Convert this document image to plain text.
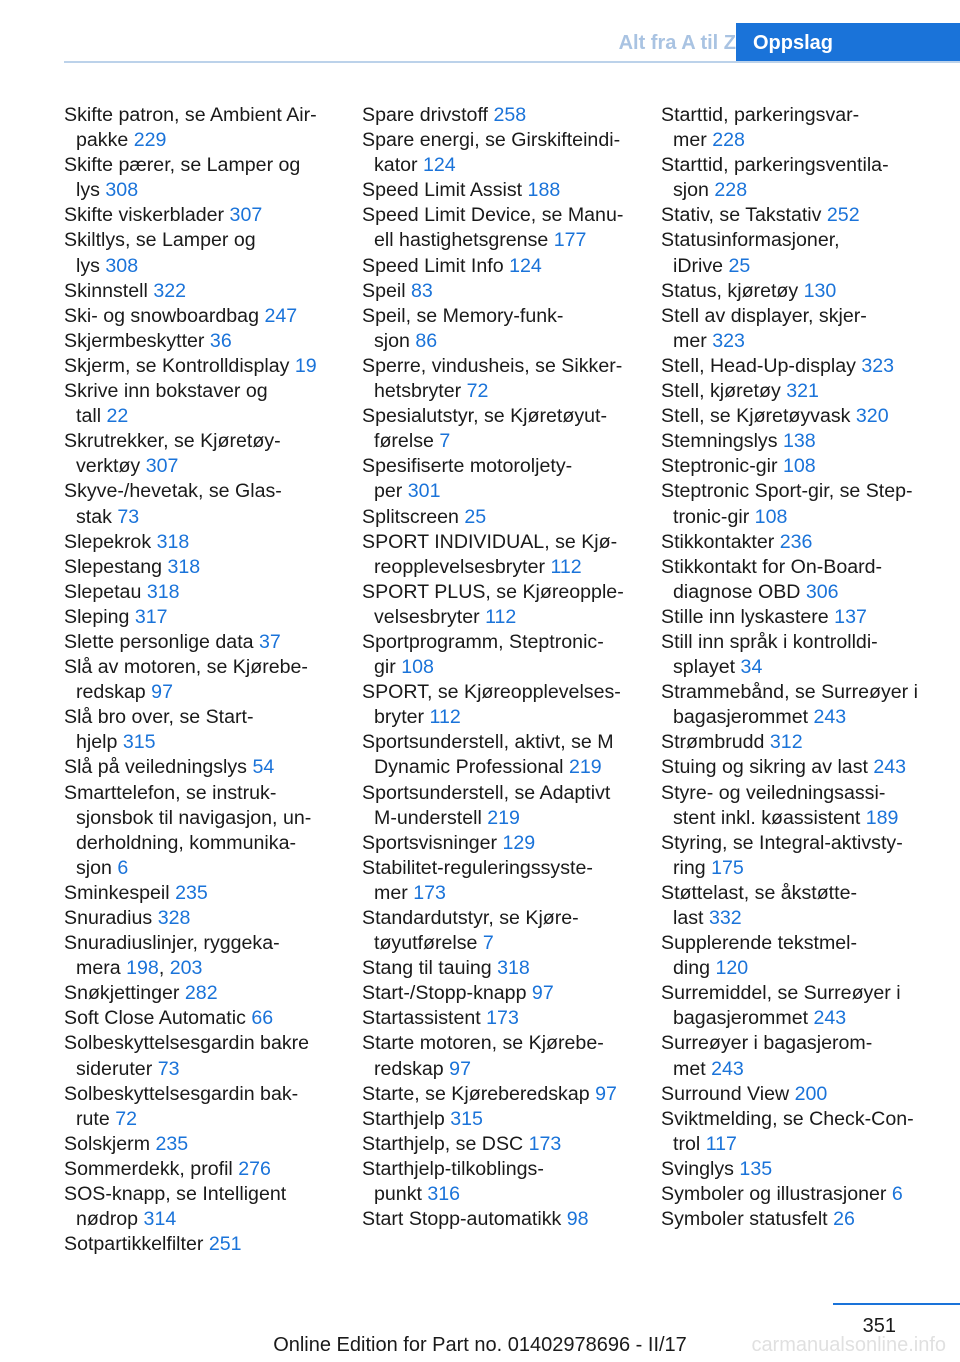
Alt fra A til Z Oppslag
Skifte patron, se Ambient Air-
pakke 229
Skifte pærer, se Lamper og
lys 308
Skifte viskerblader 307
Skiltlys, se Lamper og
lys 308
Skinnstell 322
Ski- og snowboardbag 247
Skjermbeskytter 36
Skjerm, se Kontrolldisplay 19
Skrive inn bokstaver og
tall 22
Skrutrekker, se Kjøretøy-
verktøy 307
Skyve-/hevetak, se Glas-
stak 73
Slepekrok 318
Slepestang 318
Slepetau 318
Sleping 317
Slette personlige data 37
Slå av motoren, se Kjørebe-
redskap 97
Slå bro over, se Start-
hjelp 315
Slå på veiledningslys 54
Smarttelefon, se instruk-
sjonsbok til navigasjon, un-
derholdning, kommunika-
sjon 6
Sminkespeil 235
Snuradius 328
Snuradiuslinjer, ryggeka-
mera 198, 203
Snøkjettinger 282
Soft Close Automatic 66
Solbeskyttelsesgardin bakre
sideruter 73
Solbeskyttelsesgardin bak-
rute 72
Solskjerm 235
Sommerdekk, profil 276
SOS-knapp, se Intelligent
nødrop 314
Sotpartikkelfilter 251
Spare drivstoff 258
Spare energi, se Girskifteindi-
kator 124
Speed Limit Assist 188
Speed Limit Device, se Manu-
ell hastighetsgrense 177
Speed Limit Info 124
Speil 83
Speil, se Memory-funk-
sjon 86
Sperre, vindusheis, se Sikker-
hetsbryter 72
Spesialutstyr, se Kjøretøyut-
førelse 7
Spesifiserte motoroljety-
per 301
Splitscreen 25
SPORT INDIVIDUAL, se Kjø-
reopplevelsesbryter 112
SPORT PLUS, se Kjøreopple-
velsesbryter 112
Sportprogramm, Steptronic-
gir 108
SPORT, se Kjøreopplevelses-
bryter 112
Sportsunderstell, aktivt, se M
Dynamic Professional 219
Sportsunderstell, se Adaptivt
M-understell 219
Sportsvisninger 129
Stabilitet-reguleringssyste-
mer 173
Standardutstyr, se Kjøre-
tøyutførelse 7
Stang til tauing 318
Start-/Stopp-knapp 97
Startassistent 173
Starte motoren, se Kjørebe-
redskap 97
Starte, se Kjøreberedskap 97
Starthjelp 315
Starthjelp, se DSC 173
Starthjelp-tilkoblings-
punkt 316
Start Stopp-automatikk 98
Starttid, parkeringsvar-
mer 228
Starttid, parkeringsventila-
sjon 228
Stativ, se Takstativ 252
Statusinformasjoner,
iDrive 25
Status, kjøretøy 130
Stell av displayer, skjer-
mer 323
Stell, Head-Up-display 323
Stell, kjøretøy 321
Stell, se Kjøretøyvask 320
Stemningslys 138
Steptronic-gir 108
Steptronic Sport-gir, se Step-
tronic-gir 108
Stikkontakter 236
Stikkontakt for On-Board-
diagnose OBD 306
Stille inn lyskastere 137
Still inn språk i kontrolldi-
splayet 34
Strammebånd, se Surreøyer i
bagasjerommet 243
Strømbrudd 312
Stuing og sikring av last 243
Styre- og veiledningsassi-
stent inkl. køassistent 189
Styring, se Integral-aktivsty-
ring 175
Støttelast, se åkstøtte-
last 332
Supplerende tekstmel-
ding 120
Surremiddel, se Surreøyer i
bagasjerommet 243
Surreøyer i bagasjerom-
met 243
Surround View 200
Sviktmelding, se Check-Con-
trol 117
Svinglys 135
Symboler og illustrasjoner 6
Symboler statusfelt 26
351
Online Edition for Part no. 01402978696 - II/17	carmanualsonline.info
